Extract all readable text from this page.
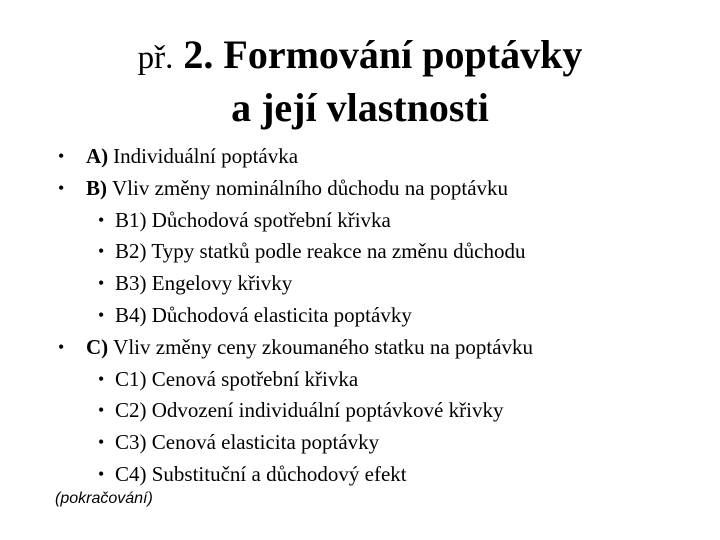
př. 2. Formování poptávky
a její vlastnosti
• A) Individuální poptávka
• B) Vliv změny nominálního důchodu na poptávku
• B1) Důchodová spotřební křivka
• B2) Typy statků podle reakce na změnu důchodu
• B3) Engelovy křivky
• B4) Důchodová elasticita poptávky
• C) Vliv změny ceny zkoumaného statku na poptávku
• C1) Cenová spotřební křivka
• C2) Odvození individuální poptávkové křivky
• C3) Cenová elasticita poptávky
• C4) Substituční a důchodový efekt
(pokračování)
